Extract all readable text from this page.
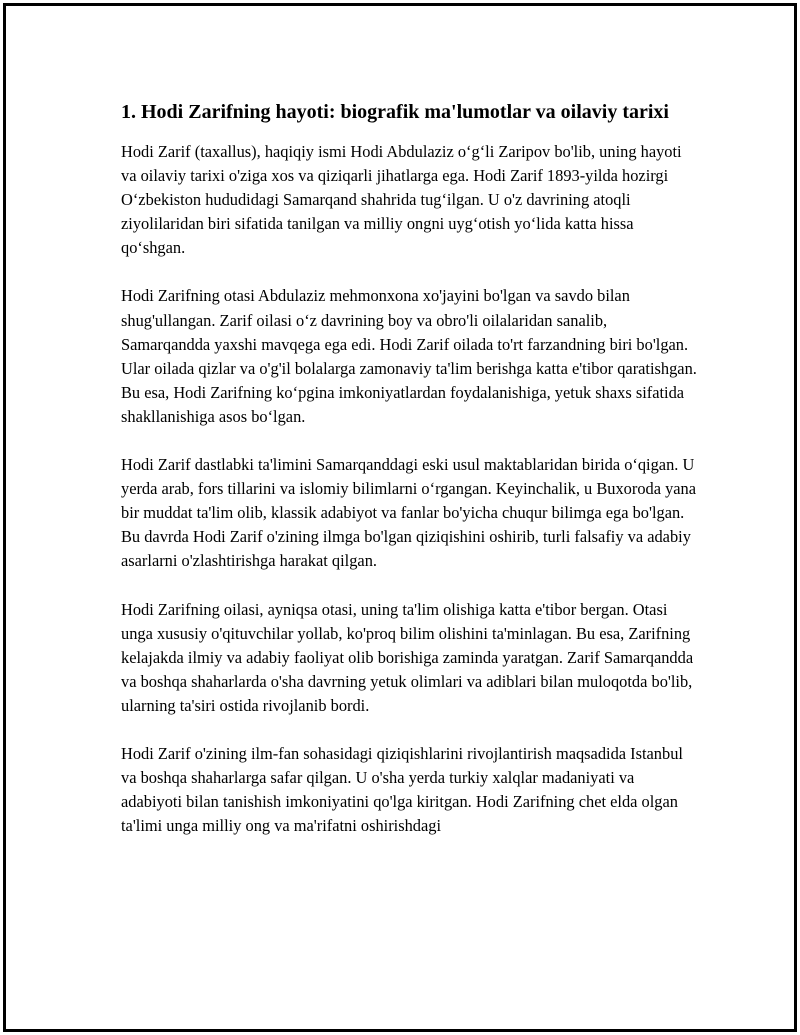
1. Hodi Zarifning hayoti: biografik ma'lumotlar va oilaviy tarixi

Hodi Zarif (taxallus), haqiqiy ismi Hodi Abdulaziz o‘g‘li Zaripov bo'lib, uning hayoti va oilaviy tarixi o'ziga xos va qiziqarli jihatlarga ega. Hodi Zarif 1893-yilda hozirgi O‘zbekiston hududidagi Samarqand shahrida tug‘ilgan. U o'z davrining atoqli ziyolilaridan biri sifatida tanilgan va milliy ongni uyg‘otish yo‘lida katta hissa qo‘shgan.

Hodi Zarifning otasi Abdulaziz mehmonxona xo'jayini bo'lgan va savdo bilan shug'ullangan. Zarif oilasi o‘z davrining boy va obro'li oilalaridan sanalib, Samarqandda yaxshi mavqega ega edi. Hodi Zarif oilada to'rt farzandning biri bo'lgan. Ular oilada qizlar va o'g'il bolalarga zamonaviy ta'lim berishga katta e'tibor qaratishgan. Bu esa, Hodi Zarifning ko‘pgina imkoniyatlardan foydalanishiga, yetuk shaxs sifatida shakllanishiga asos bo‘lgan.

Hodi Zarif dastlabki ta'limini Samarqanddagi eski usul maktablaridan birida o‘qigan. U yerda arab, fors tillarini va islomiy bilimlarni o‘rgangan. Keyinchalik, u Buxoroda yana bir muddat ta'lim olib, klassik adabiyot va fanlar bo'yicha chuqur bilimga ega bo'lgan. Bu davrda Hodi Zarif o'zining ilmga bo'lgan qiziqishini oshirib, turli falsafiy va adabiy asarlarni o'zlashtirishga harakat qilgan.

Hodi Zarifning oilasi, ayniqsa otasi, uning ta'lim olishiga katta e'tibor bergan. Otasi unga xususiy o'qituvchilar yollab, ko'proq bilim olishini ta'minlagan. Bu esa, Zarifning kelajakda ilmiy va adabiy faoliyat olib borishiga zaminda yaratgan. Zarif Samarqandda va boshqa shaharlarda o'sha davrning yetuk olimlari va adiblari bilan muloqotda bo'lib, ularning ta'siri ostida rivojlanib bordi.

Hodi Zarif o'zining ilm-fan sohasidagi qiziqishlarini rivojlantirish maqsadida Istanbul va boshqa shaharlarga safar qilgan. U o'sha yerda turkiy xalqlar madaniyati va adabiyoti bilan tanishish imkoniyatini qo'lga kiritgan. Hodi Zarifning chet elda olgan ta'limi unga milliy ong va ma'rifatni oshirishdagi
